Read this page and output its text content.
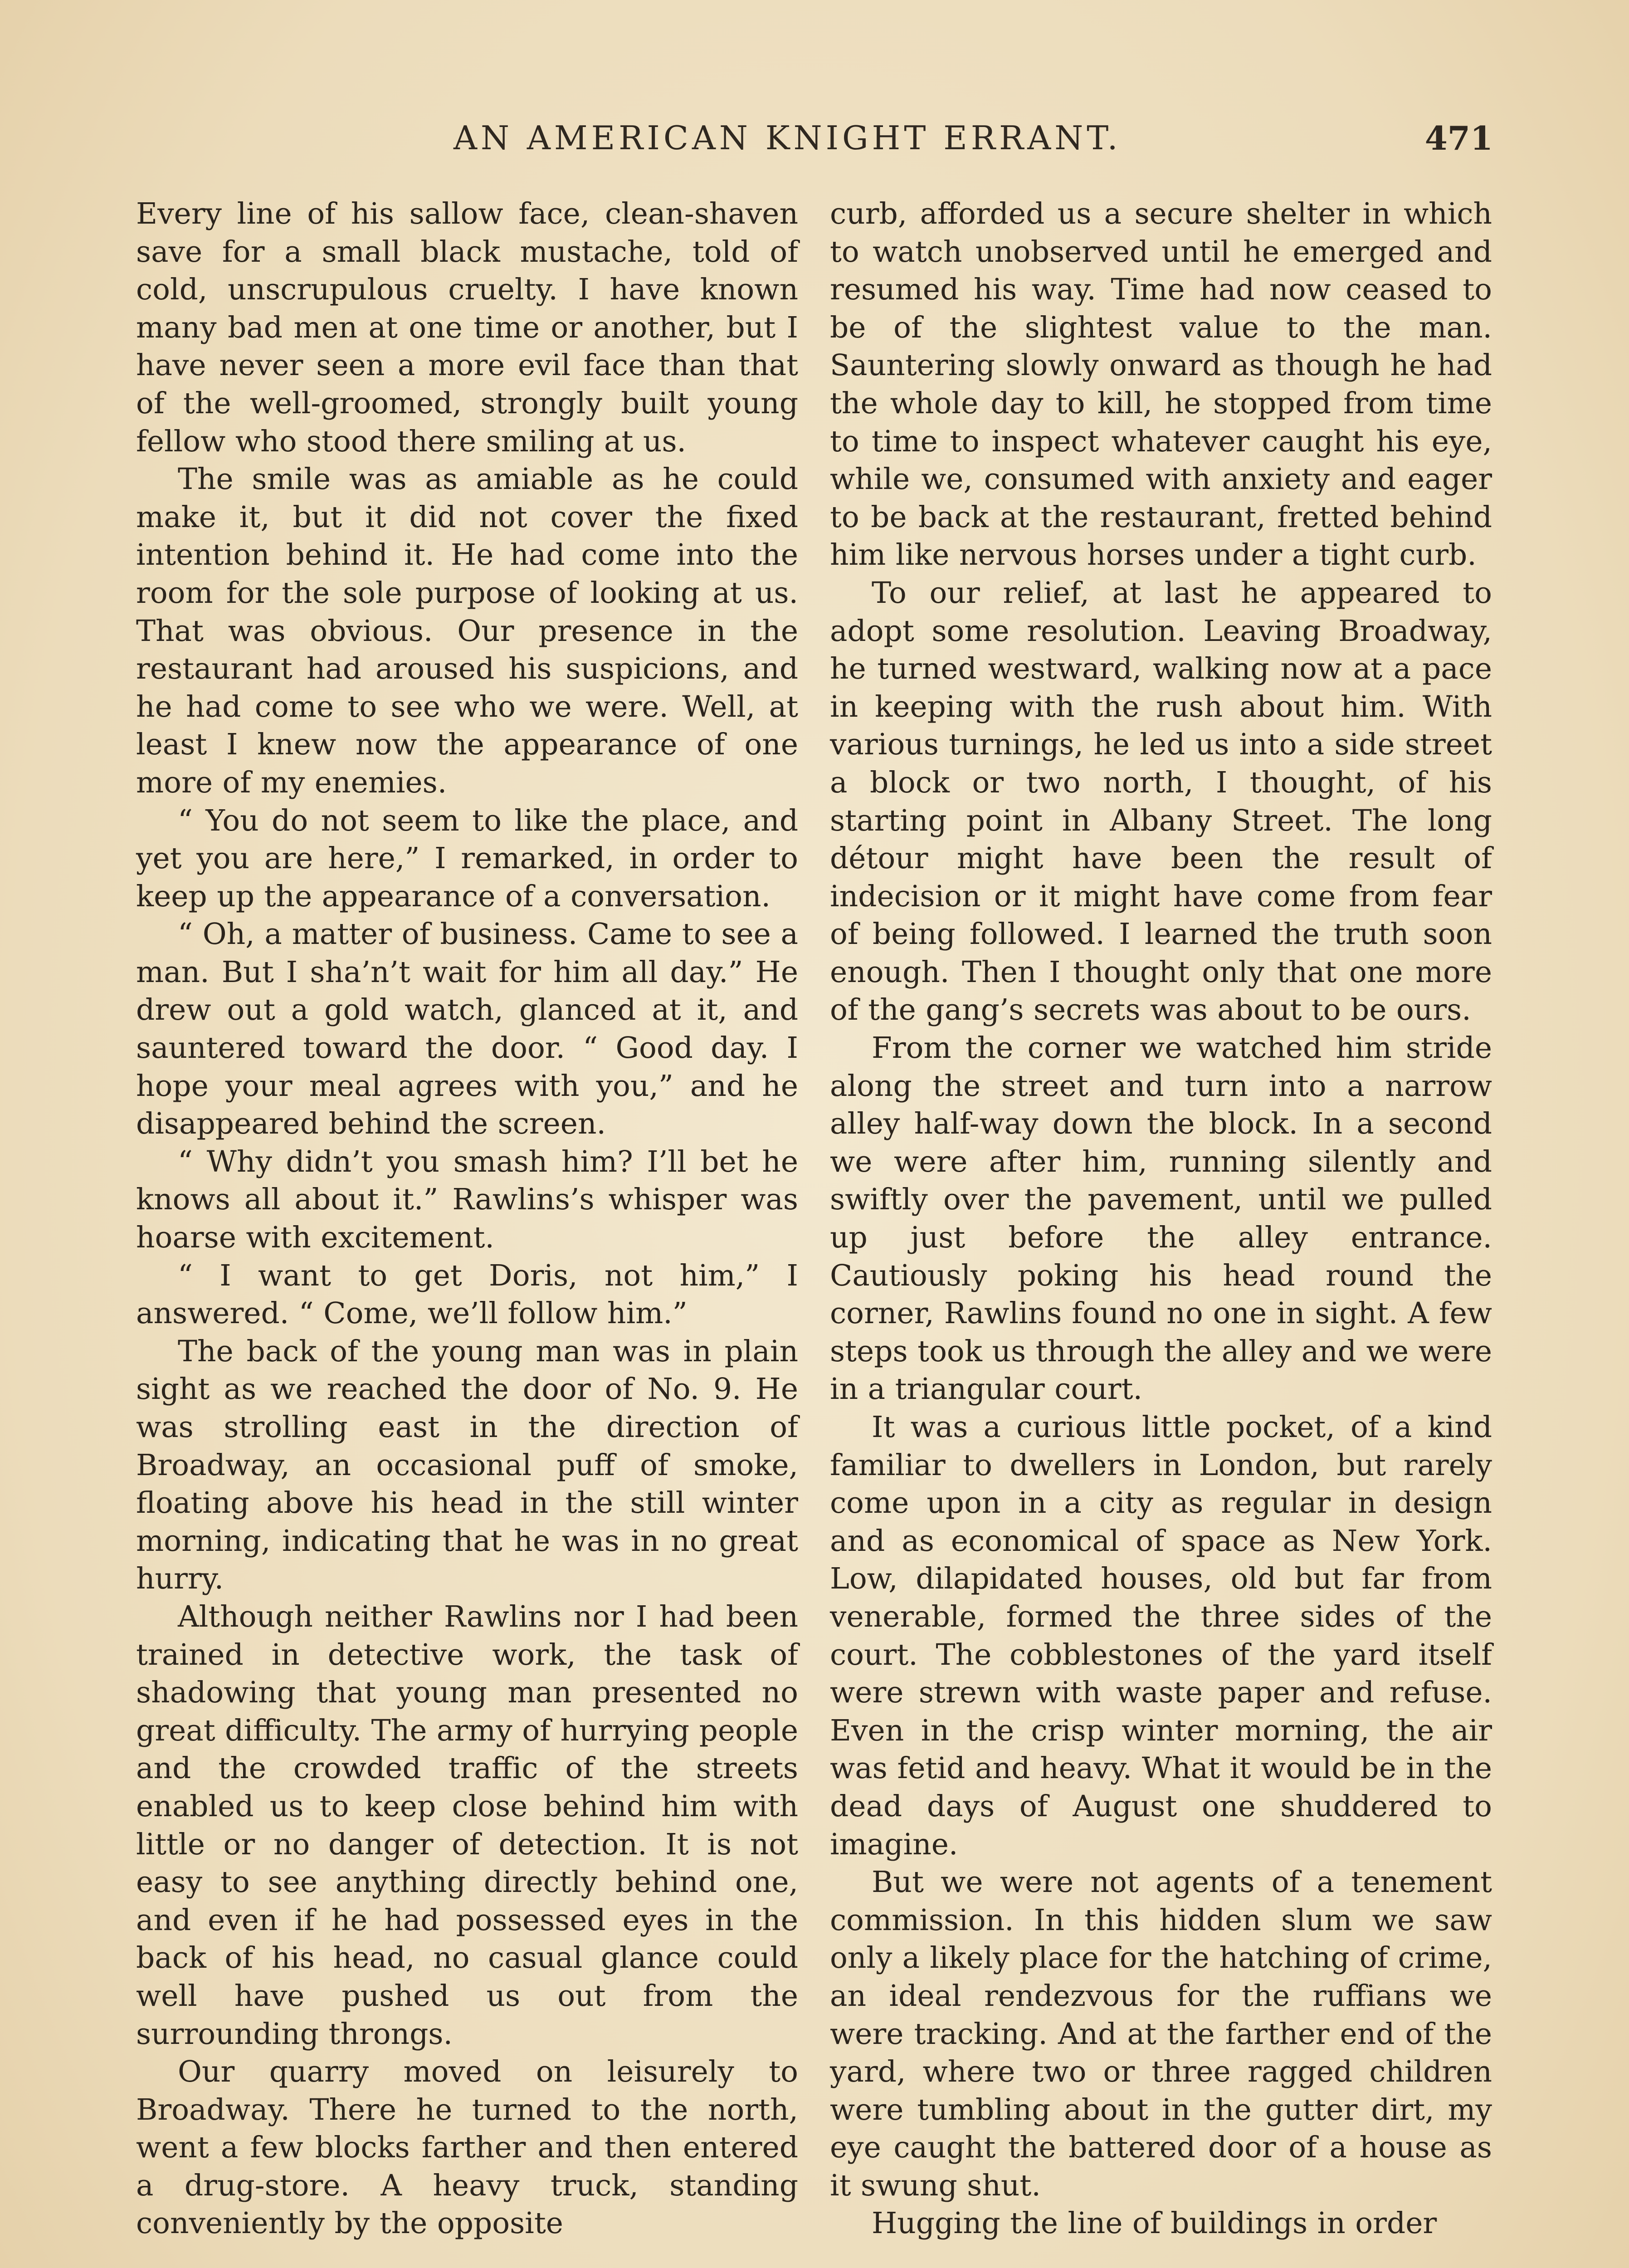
AN AMERICAN KNIGHT ERRANT.	471

Every line of his sallow face, clean-shaven save for a small black mustache, told of cold, unscrupulous cruelty. I have known many bad men at one time or another, but I have never seen a more evil face than that of the well-groomed, strongly built young fellow who stood there smiling at us.

The smile was as amiable as he could make it, but it did not cover the fixed intention behind it. He had come into the room for the sole purpose of looking at us. That was obvious. Our presence in the restaurant had aroused his suspicions, and he had come to see who we were. Well, at least I knew now the appearance of one more of my enemies.

“ You do not seem to like the place, and yet you are here,” I remarked, in order to keep up the appearance of a conversation.

“ Oh, a matter of business. Came to see a man. But I sha’n’t wait for him all day.” He drew out a gold watch, glanced at it, and sauntered toward the door. “ Good day. I hope your meal agrees with you,” and he disappeared behind the screen.

“ Why didn’t you smash him? I’ll bet he knows all about it.” Rawlins’s whisper was hoarse with excitement.

“ I want to get Doris, not him,” I answered. “ Come, we’ll follow him.”

The back of the young man was in plain sight as we reached the door of No. 9. He was strolling east in the direction of Broadway, an occasional puff of smoke, floating above his head in the still winter morning, indicating that he was in no great hurry.

Although neither Rawlins nor I had been trained in detective work, the task of shadowing that young man presented no great difficulty. The army of hurrying people and the crowded traffic of the streets enabled us to keep close behind him with little or no danger of detection. It is not easy to see anything directly behind one, and even if he had possessed eyes in the back of his head, no casual glance could well have pushed us out from the surrounding throngs.

Our quarry moved on leisurely to Broadway. There he turned to the north, went a few blocks farther and then entered a drug-store. A heavy truck, standing conveniently by the opposite

curb, afforded us a secure shelter in which to watch unobserved until he emerged and resumed his way. Time had now ceased to be of the slightest value to the man. Sauntering slowly onward as though he had the whole day to kill, he stopped from time to time to inspect whatever caught his eye, while we, consumed with anxiety and eager to be back at the restaurant, fretted behind him like nervous horses under a tight curb.

To our relief, at last he appeared to adopt some resolution. Leaving Broadway, he turned westward, walking now at a pace in keeping with the rush about him. With various turnings, he led us into a side street a block or two north, I thought, of his starting point in Albany Street. The long détour might have been the result of indecision or it might have come from fear of being followed. I learned the truth soon enough. Then I thought only that one more of the gang’s secrets was about to be ours.

From the corner we watched him stride along the street and turn into a narrow alley half-way down the block. In a second we were after him, running silently and swiftly over the pavement, until we pulled up just before the alley entrance. Cautiously poking his head round the corner, Rawlins found no one in sight. A few steps took us through the alley and we were in a triangular court.

It was a curious little pocket, of a kind familiar to dwellers in London, but rarely come upon in a city as regular in design and as economical of space as New York. Low, dilapidated houses, old but far from venerable, formed the three sides of the court. The cobblestones of the yard itself were strewn with waste paper and refuse. Even in the crisp winter morning, the air was fetid and heavy. What it would be in the dead days of August one shuddered to imagine.

But we were not agents of a tenement commission. In this hidden slum we saw only a likely place for the hatching of crime, an ideal rendezvous for the ruffians we were tracking. And at the farther end of the yard, where two or three ragged children were tumbling about in the gutter dirt, my eye caught the battered door of a house as it swung shut.

Hugging the line of buildings in order
